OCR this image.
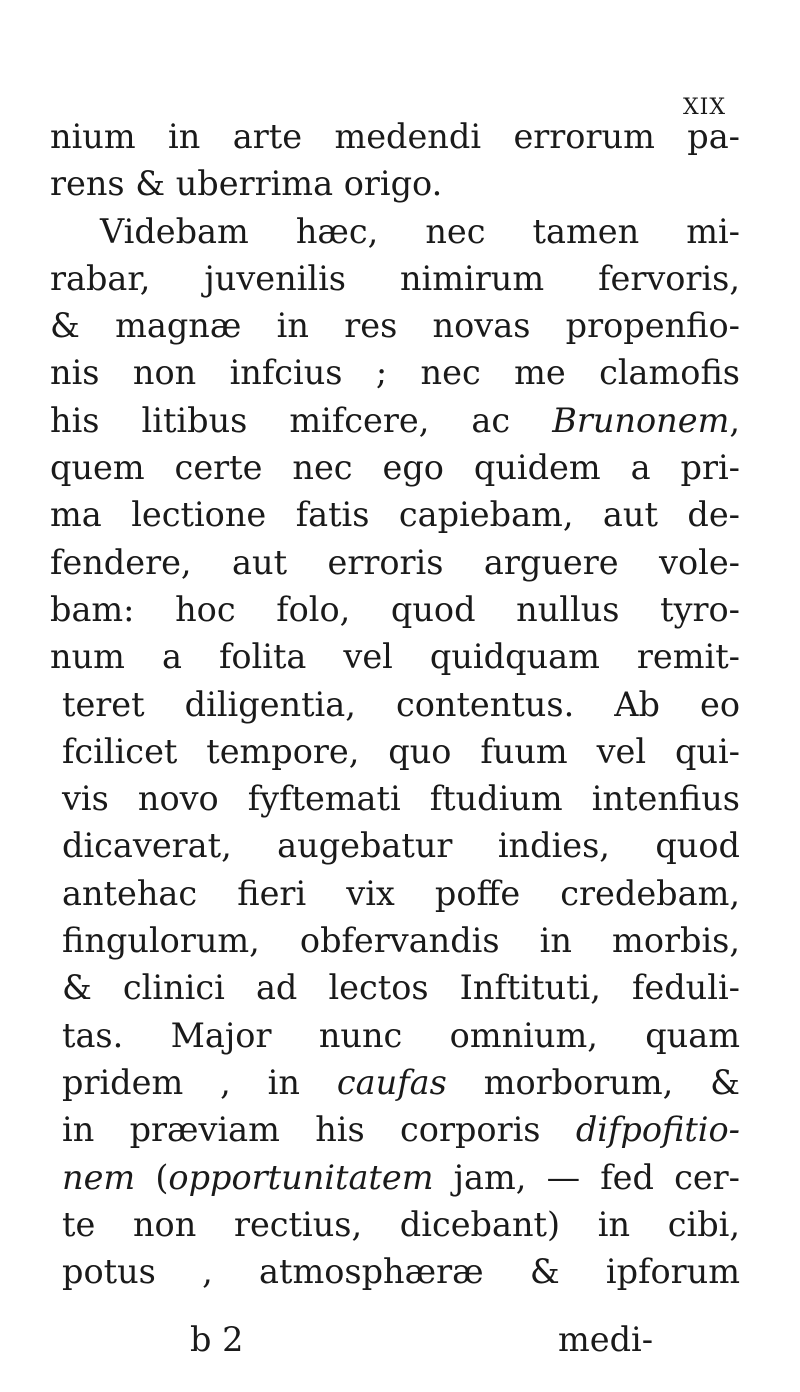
XIX
nium in arte medendi errorum pa-
rens & uberrima origo.
Videbam hæc, nec tamen mi-
rabar, juvenilis nimirum fervoris,
& magnæ in res novas propenfio-
nis non infcius ; nec me clamofis
his litibus mifcere, ac Brunonem,
quem certe nec ego quidem a pri-
ma lectione fatis capiebam, aut de-
fendere, aut erroris arguere vole-
bam: hoc folo, quod nullus tyro-
num a folita vel quidquam remit-
teret diligentia, contentus. Ab eo
fcilicet tempore, quo fuum vel qui-
vis novo fyftemati ftudium intenfius
dicaverat, augebatur indies, quod
antehac fieri vix poffe credebam,
fingulorum, obfervandis in morbis,
& clinici ad lectos Inftituti, feduli-
tas. Major nunc omnium, quam
pridem , in caufas morborum, &
in præviam his corporis difpofitio-
nem (opportunitatem jam, — fed cer-
te non rectius, dicebant) in cibi,
potus , atmosphæræ & ipforum
b 2	medi-
